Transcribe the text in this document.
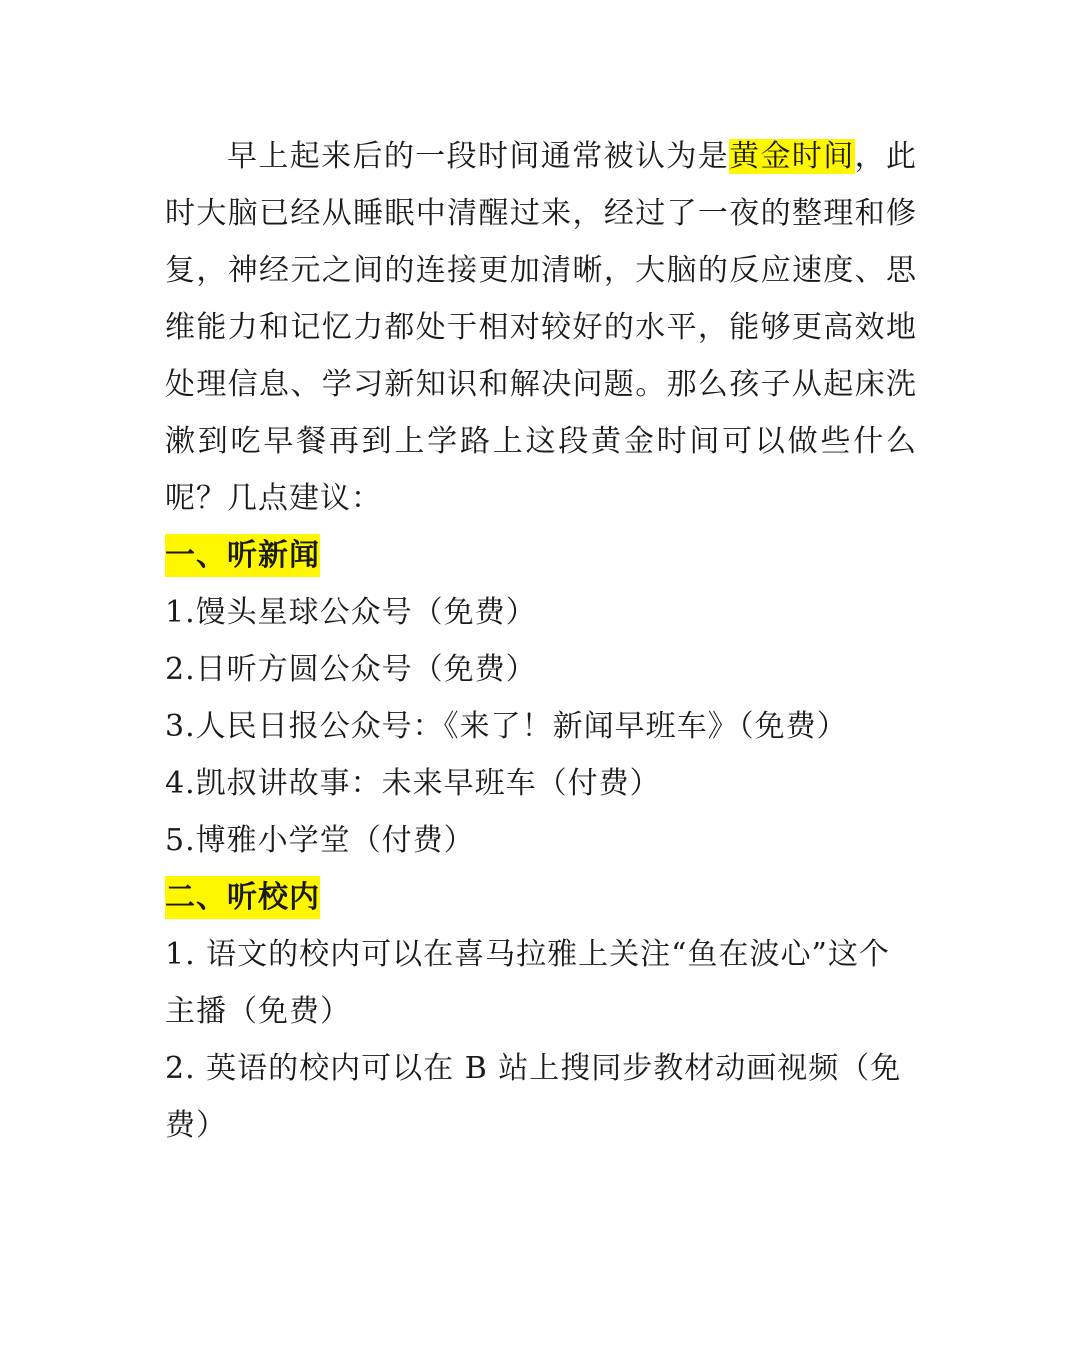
早上起来后的一段时间通常被认为是黄金时间，此时大脑已经从睡眠中清醒过来，经过了一夜的整理和修复，神经元之间的连接更加清晰，大脑的反应速度、思维能力和记忆力都处于相对较好的水平，能够更高效地处理信息、学习新知识和解决问题。那么孩子从起床洗漱到吃早餐再到上学路上这段黄金时间可以做些什么呢？几点建议：

一、听新闻

1.馒头星球公众号（免费）

2.日听方圆公众号（免费）

3.人民日报公众号：《来了！新闻早班车》（免费）

4.凯叔讲故事：未来早班车（付费）

5.博雅小学堂（付费）

二、听校内

1. 语文的校内可以在喜马拉雅上关注“鱼在波心”这个主播（免费）

2. 英语的校内可以在 B 站上搜同步教材动画视频（免费）
